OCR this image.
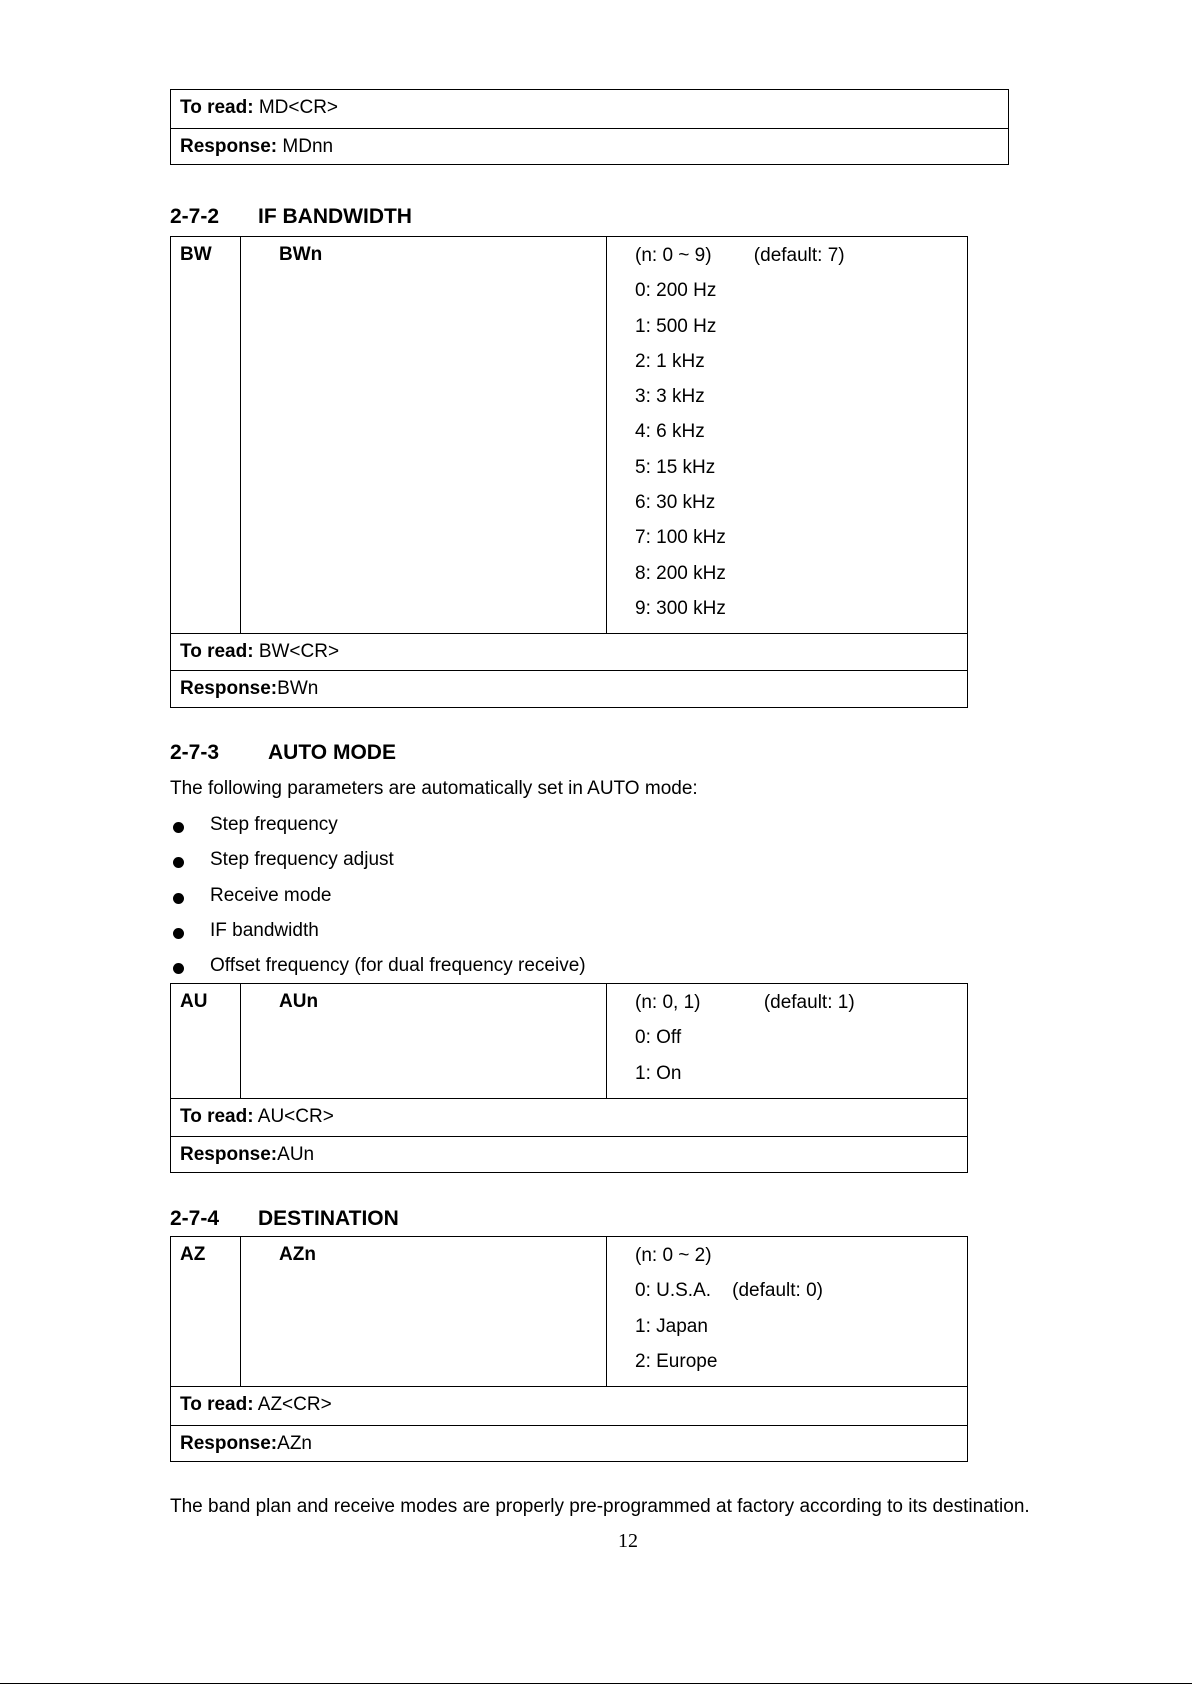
To read: MD<CR>
Response: MDnn
2-7-2 IF BANDWIDTH
BW	BWn	(n: 0 ~ 9)        (default: 7)
0: 200 Hz
1: 500 Hz
2: 1 kHz
3: 3 kHz
4: 6 kHz
5: 15 kHz
6: 30 kHz
7: 100 kHz
8: 200 kHz
9: 300 kHz

To read: BW<CR>
Response:BWn
2-7-3 AUTO MODE
The following parameters are automatically set in AUTO mode:
Step frequency
Step frequency adjust
Receive mode
IF bandwidth
Offset frequency (for dual frequency receive)
AU	AUn	(n: 0, 1)            (default: 1)
0: Off
1: On

To read: AU<CR>
Response:AUn
2-7-4 DESTINATION
AZ	AZn	(n: 0 ~ 2)
0: U.S.A.    (default: 0)
1: Japan
2: Europe

To read: AZ<CR>
Response:AZn
The band plan and receive modes are properly pre-programmed at factory according to its destination.
12
